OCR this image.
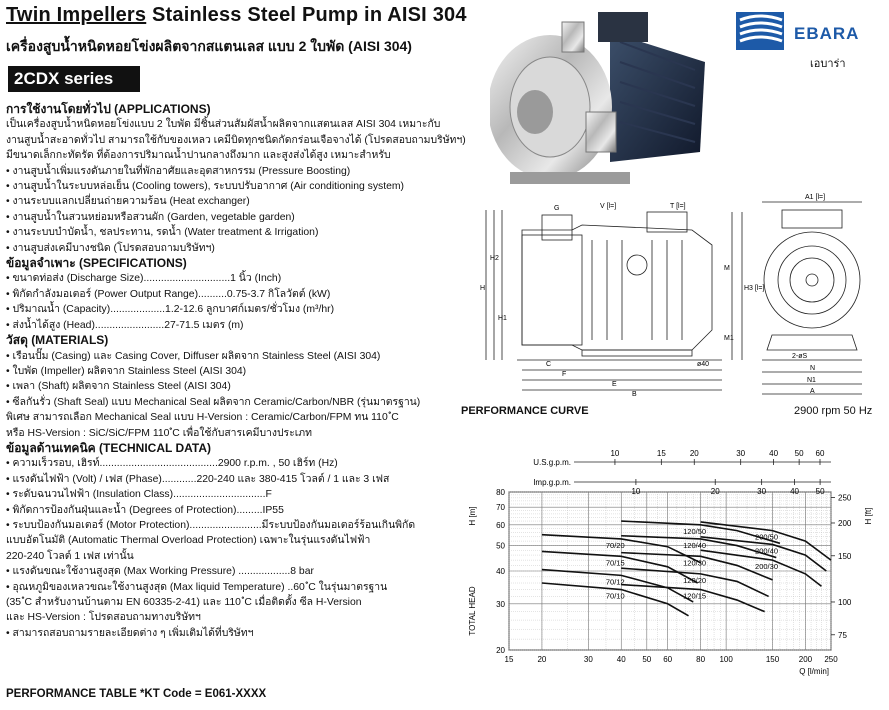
Twin Impellers Stainless Steel Pump in AISI 304
เครื่องสูบน้ำหนิดหอยโข่งผลิตจากสแตนเลส แบบ 2 ใบพัด (AISI 304)
2CDX series
EBARA
เอบาร่า
G	V [l=]	T [l=]
A1 [l=]
H
H2
H1
H3 [l=]
M1
M
C	ø40
F
E
B
2-øS
N
N1
A
การใช้งานโดยทั่วไป (APPLICATIONS)
เป็นเครื่องสูบน้ำหนิดหอยโข่งแบบ 2 ใบพัด มีชิ้นส่วนสัมผัสน้ำผลิตจากแสตนเลส AISI 304 เหมาะกับ
งานสูบน้ำสะอาดทั่วไป สามารถใช้กับของเหลว เคมีบิดทุกชนิดกัดกร่อนเจือจางได้ (โปรดสอบถามบริษัทฯ)
มีขนาดเล็กกะทัดรัด ที่ต้องการปริมาณน้ำปานกลางถึงมาก และสูงส่งได้สูง เหมาะสำหรับ
• งานสูบน้ำเพิ่มแรงดันภายในที่พักอาศัยและอุตสาหกรรม (Pressure Boosting)
• งานสูบน้ำในระบบหล่อเย็น (Cooling towers), ระบบปรับอากาศ (Air conditioning system)
• งานระบบแลกเปลี่ยนถ่ายความร้อน (Heat exchanger)
• งานสูบน้ำในสวนหย่อมหรือสวนผัก (Garden, vegetable garden)
• งานระบบบำบัดน้ำ, ชลประทาน, รดน้ำ (Water treatment & Irrigation)
• งานสูบส่งเคมีบางชนิด (โปรดสอบถามบริษัทฯ)
ข้อมูลจำเพาะ (SPECIFICATIONS)
• ขนาดท่อส่ง (Discharge Size)..............................1 นิ้ว (Inch)
• พิกัดกำลังมอเตอร์ (Power Output Range)..........0.75-3.7 กิโลวัตต์ (kW)
• ปริมาณน้ำ (Capacity)...................1.2-12.6 ลูกบาศก์เมตร/ชั่วโมง (m³/hr)
• ส่งน้ำได้สูง (Head)........................27-71.5 เมตร (m)
วัสดุ (MATERIALS)
• เรือนปั๊ม (Casing) และ Casing Cover, Diffuser ผลิตจาก Stainless Steel (AISI 304)
• ใบพัด (Impeller) ผลิตจาก Stainless Steel (AISI 304)
• เพลา (Shaft) ผลิตจาก Stainless Steel (AISI 304)
• ซีลกันรั่ว (Shaft Seal) แบบ Mechanical Seal ผลิตจาก Ceramic/Carbon/NBR (รุ่นมาตรฐาน)
พิเศษ สามารถเลือก Mechanical Seal แบบ H-Version : Ceramic/Carbon/FPM ทน 110 ํC
หรือ HS-Version : SiC/SiC/FPM 110 ํC เพื่อใช้กับสารเคมีบางประเภท
ข้อมูลด้านเทคนิค (TECHNICAL DATA)
• ความเร็วรอบ, เฮิรท์.........................................2900 r.p.m. , 50 เฮิร์ท (Hz)
• แรงดันไฟฟ้า (Volt) / เฟส (Phase)............220-240 และ 380-415 โวลต์ / 1 และ 3 เฟส
• ระดับฉนวนไฟฟ้า (Insulation Class)................................F
• พิกัดการป้องกันฝุ่นและน้ำ (Degrees of Protection).........IP55
• ระบบป้องกันมอเตอร์ (Motor Protection).........................มีระบบป้องกันมอเตอร์ร้อนเกินพิกัด
แบบอัตโนมัติ (Automatic Thermal Overload Protection) เฉพาะในรุ่นแรงดันไฟฟ้า
220-240 โวลต์ 1 เฟส เท่านั้น
• แรงดันขณะใช้งานสูงสุด (Max Working Pressure) ..................8 bar
• อุณหภูมิของเหลวขณะใช้งานสูงสุด (Max liquid Temperature) ..60 ํC ในรุ่นมาตรฐาน
(35 ํC สำหรับงานบ้านตาม EN 60335-2-41) และ 110 ํC เมื่อติดตั้ง ซีล H-Version
และ HS-Version : โปรดสอบถามทางบริษัทฯ
• สามารถสอบถามรายละเอียดต่าง ๆ เพิ่มเติมได้ที่บริษัทฯ
PERFORMANCE TABLE *KT Code = E061-XXXX
PERFORMANCE CURVE	2900 rpm 50 Hz
15	20	30	40 50 60	80 100	150 200 250
20
30
40
50
60
70
80
75
100
150
200
250
U.S.g.p.m.
Imp.g.p.m.
10	15	20	30	40 50 60
10	20	30	40 50
Q [l/min]
H [m]
TOTAL HEAD
H [ft]
70/20
70/15
70/12
70/10
120/50
120/40
120/30
120/20
120/15
200/50
200/40
200/30
